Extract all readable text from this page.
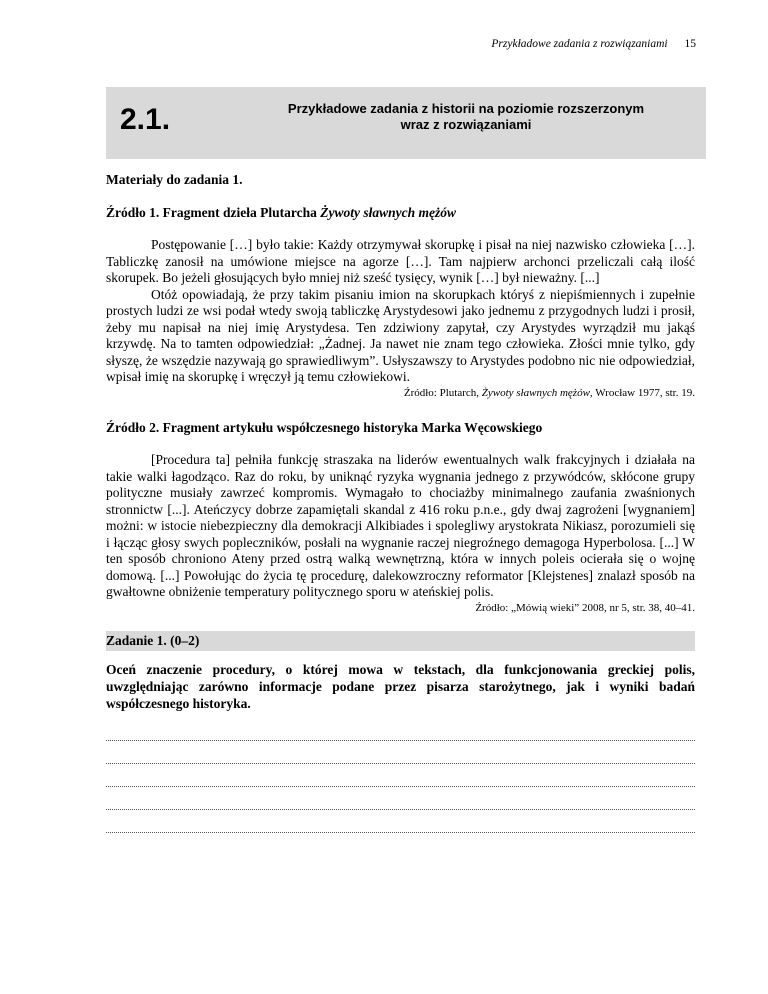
Przykładowe zadania z rozwiązaniami 15
2.1.	Przykładowe zadania z historii na poziomie rozszerzonym
wraz z rozwiązaniami

Materiały do zadania 1.

Źródło 1. Fragment dzieła Plutarcha Żywoty sławnych mężów

Postępowanie […] było takie: Każdy otrzymywał skorupkę i pisał na niej nazwisko człowieka […]. Tabliczkę zanosił na umówione miejsce na agorze […]. Tam najpierw archonci przeliczali całą ilość skorupek. Bo jeżeli głosujących było mniej niż sześć tysięcy, wynik […] był nieważny. [...]

Otóż opowiadają, że przy takim pisaniu imion na skorupkach któryś z niepiśmiennych i zupełnie prostych ludzi ze wsi podał wtedy swoją tabliczkę Arystydesowi jako jednemu z przygodnych ludzi i prosił, żeby mu napisał na niej imię Arystydesa. Ten zdziwiony zapytał, czy Arystydes wyrządził mu jakąś krzywdę. Na to tamten odpowiedział: „Żadnej. Ja nawet nie znam tego człowieka. Złości mnie tylko, gdy słyszę, że wszędzie nazywają go sprawiedliwym”. Usłyszawszy to Arystydes podobno nic nie odpowiedział, wpisał imię na skorupkę i wręczył ją temu człowiekowi.

Źródło: Plutarch, Żywoty sławnych mężów, Wrocław 1977, str. 19.

Źródło 2. Fragment artykułu współczesnego historyka Marka Węcowskiego

[Procedura ta] pełniła funkcję straszaka na liderów ewentualnych walk frakcyjnych i działała na takie walki łagodząco. Raz do roku, by uniknąć ryzyka wygnania jednego z przywódców, skłócone grupy polityczne musiały zawrzeć kompromis. Wymagało to chociażby minimalnego zaufania zwaśnionych stronnictw [...]. Ateńczycy dobrze zapamiętali skandal z 416 roku p.n.e., gdy dwaj zagrożeni [wygnaniem] możni: w istocie niebezpieczny dla demokracji Alkibiades i spolegliwy arystokrata Nikiasz, porozumieli się i łącząc głosy swych popleczników, posłali na wygnanie raczej niegroźnego demagoga Hyperbolosa. [...] W ten sposób chroniono Ateny przed ostrą walką wewnętrzną, która w innych poleis ocierała się o wojnę domową. [...] Powołując do życia tę procedurę, dalekowzroczny reformator [Klejstenes] znalazł sposób na gwałtowne obniżenie temperatury politycznego sporu w ateńskiej polis.

Źródło: „Mówią wieki” 2008, nr 5, str. 38, 40–41.

Zadanie 1. (0–2)

Oceń znaczenie procedury, o której mowa w tekstach, dla funkcjonowania greckiej polis, uwzględniając zarówno informacje podane przez pisarza starożytnego, jak i wyniki badań współczesnego historyka.
